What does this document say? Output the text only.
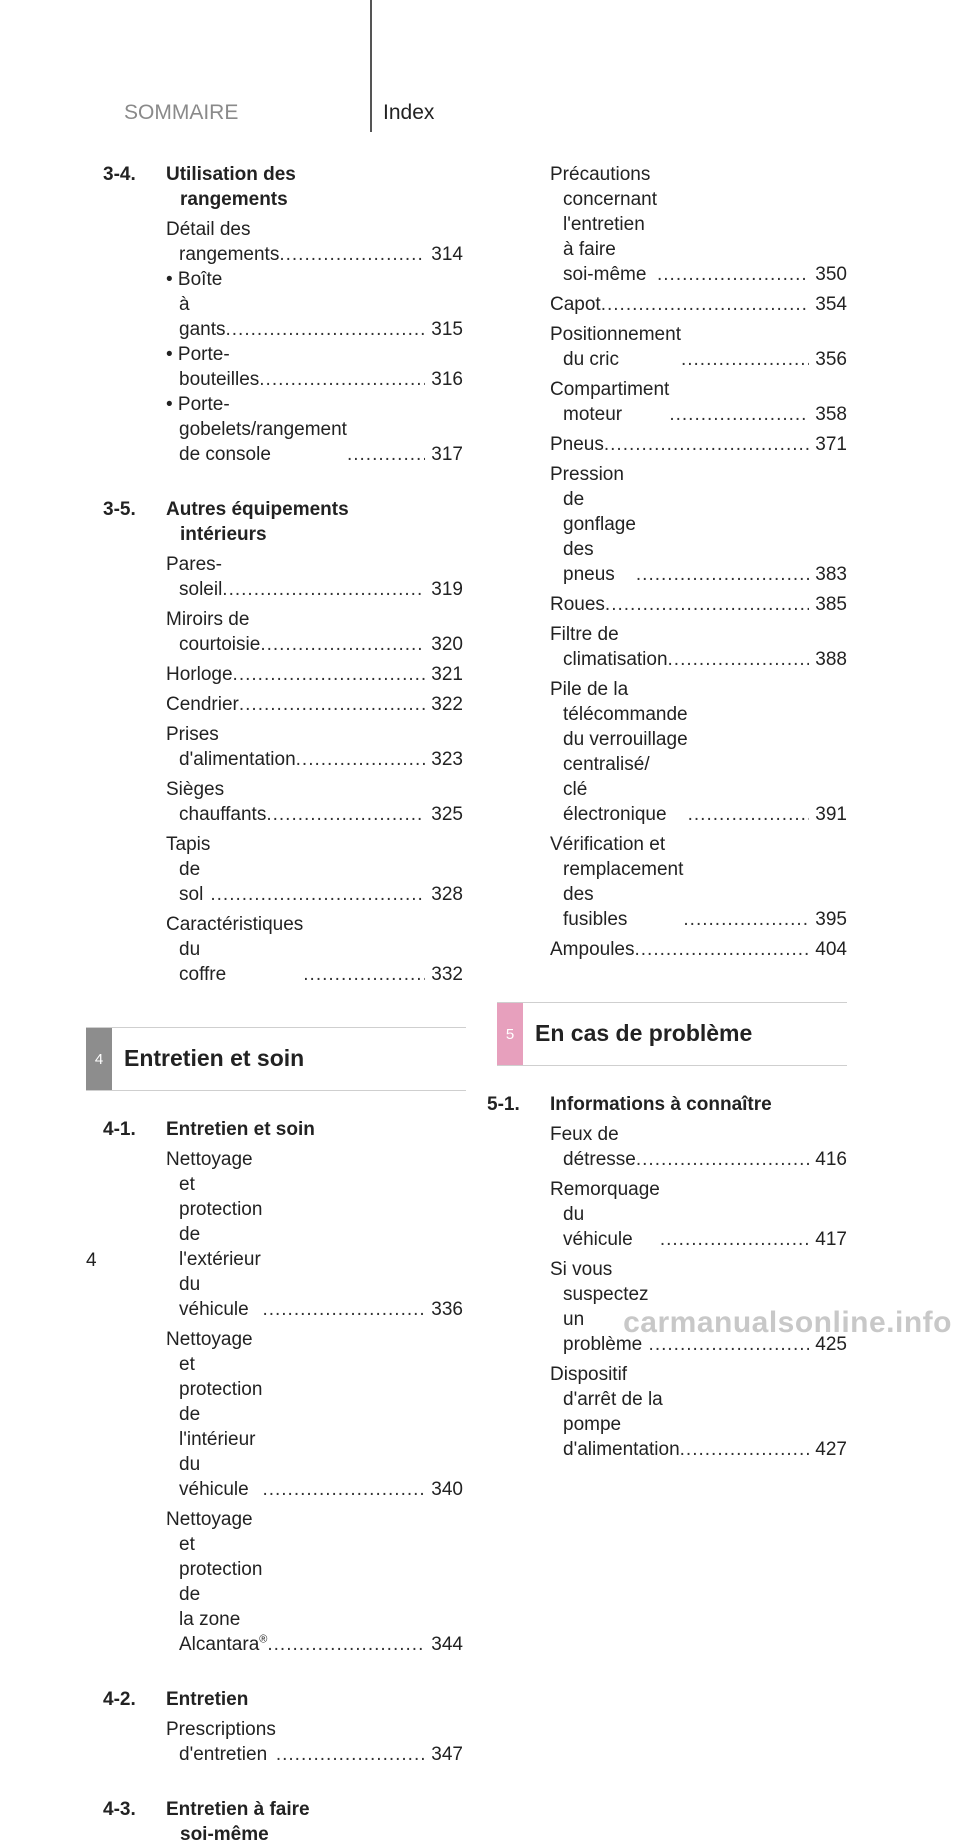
SOMMAIRE	Index
3-4. Utilisation des
rangements
Détail des rangements .....	314
• Boîte à gants .....	315
• Porte-bouteilles .....	316
• Porte-gobelets/rangement
de console .....	317
3-5. Autres équipements
intérieurs
Pares-soleil .....	319
Miroirs de courtoisie .....	320
Horloge .....	321
Cendrier .....	322
Prises d'alimentation .....	323
Sièges chauffants .....	325
Tapis de sol .....	328
Caractéristiques du
coffre .....	332
4 Entretien et soin
4-1. Entretien et soin
Nettoyage et protection de
l'extérieur du véhicule .....	336
Nettoyage et protection de
l'intérieur du véhicule .....	340
Nettoyage et protection de
la zone Alcantara® .....	344
4-2. Entretien
Prescriptions d'entretien .....	347
4-3. Entretien à faire
soi-même
Précautions concernant
l'entretien à faire
soi-même .....	350
Capot .....	354
Positionnement du cric .....	356
Compartiment moteur .....	358
Pneus .....	371
Pression de gonflage des
pneus .....	383
Roues .....	385
Filtre de climatisation .....	388
Pile de la télécommande
du verrouillage centralisé/
clé électronique .....	391
Vérification et
remplacement des
fusibles .....	395
Ampoules .....	404
5 En cas de problème
5-1. Informations à connaître
Feux de détresse .....	416
Remorquage du
véhicule .....	417
Si vous suspectez un
problème .....	425
Dispositif d'arrêt de la
pompe d'alimentation .....	427
4
carmanualsonline.info
